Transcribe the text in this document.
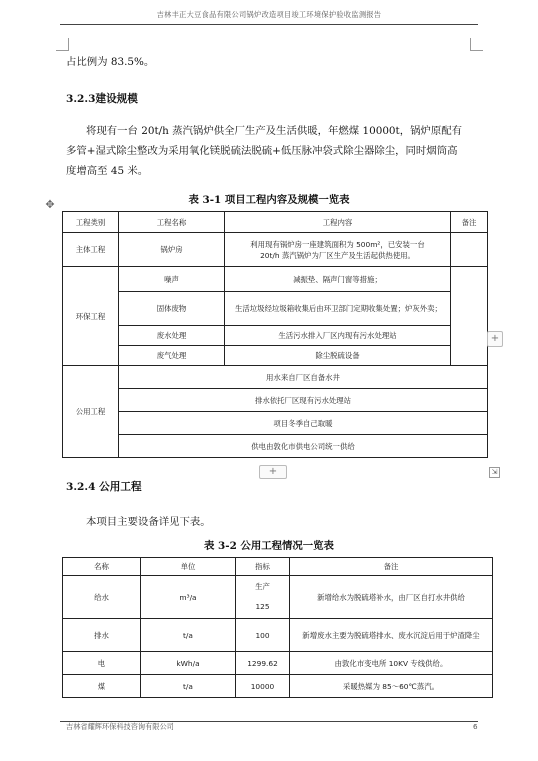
吉林丰正大豆食品有限公司锅炉改造项目竣工环境保护验收监测报告

占比例为 83.5%。

3.2.3建设规模

将现有一台 20t/h 蒸汽锅炉供全厂生产及生活供暖，年燃煤 10000t，锅炉原配有
多管+湿式除尘整改为采用氧化镁脱硫法脱硫+低压脉冲袋式除尘器除尘，同时烟筒高
度增高至 45 米。
表 3-1 项目工程内容及规模一览表
✥
工程类别	工程名称	工程内容	备注
主体工程	锅炉房	利用现有锅炉房一座建筑面积为 500m²，已安装一台
20t/h 蒸汽锅炉为厂区生产及生活起供热使用。	

环保工程	噪声	减振垫、隔声门窗等措施；	
	固体废物	生活垃圾经垃圾箱收集后由环卫部门定期收集处置；炉灰外卖；	
	废水处理	生活污水排入厂区内现有污水处理站	
	废气处理	除尘脱硫设备	
公用工程	用水来自厂区自备水井		
	排水依托厂区现有污水处理站		
	项目冬季自己取暖		
	供电由敦化市供电公司统一供给		
+
+	⇲

3.2.4 公用工程

本项目主要设备详见下表。

表 3-2 公用工程情况一览表
名称	单位	指标	备注
给水	m³/a	生产
125	新增给水为脱硫塔补水，由厂区自打水井供给
排水	t/a	100	新增废水主要为脱硫塔排水、废水沉淀后用于炉渣降尘
电	kWh/a	1299.62	由敦化市变电所 10KV 专线供给。
煤	t/a	10000	采暖热媒为 85～60℃蒸汽。
吉林省耀辉环保科技咨询有限公司	6
